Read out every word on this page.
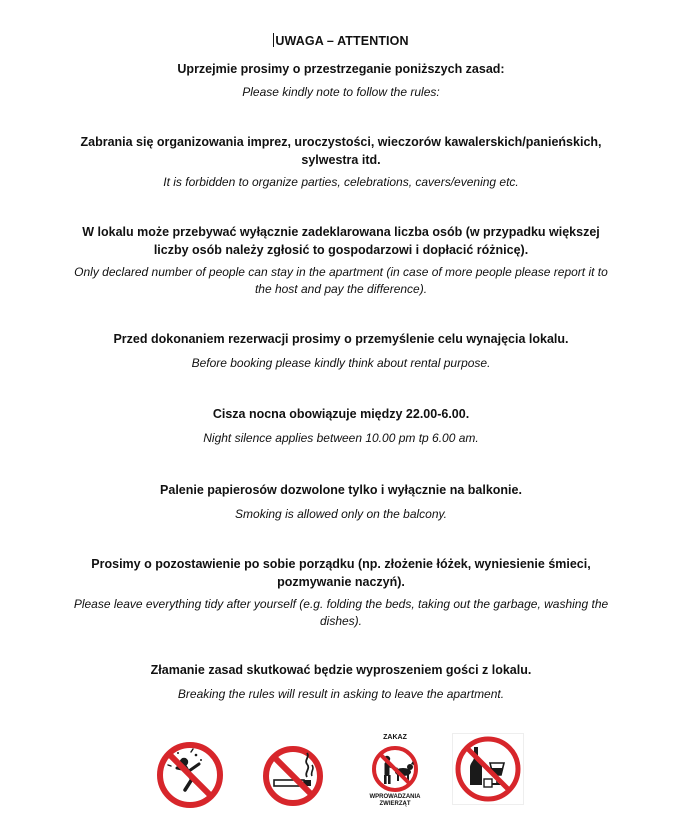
UWAGA – ATTENTION
Uprzejmie prosimy o przestrzeganie poniższych zasad:
Please kindly note to follow the rules:
Zabrania się organizowania imprez, uroczystości, wieczorów kawalerskich/panieńskich, sylwestra itd.
It is forbidden to organize parties, celebrations, cavers/evening etc.
W lokalu może przebywać wyłącznie zadeklarowana liczba osób (w przypadku większej liczby osób należy zgłosić to gospodarzowi i dopłacić różnicę).
Only declared number of people can stay in the apartment (in case of more people please report it to the host and pay the difference).
Przed dokonaniem rezerwacji prosimy o przemyślenie celu wynajęcia lokalu.
Before booking please kindly think about rental purpose.
Cisza nocna obowiązuje między 22.00-6.00.
Night silence applies between 10.00 pm tp 6.00 am.
Palenie papierosów dozwolone tylko i wyłącznie na balkonie.
Smoking is allowed only on the balcony.
Prosimy o pozostawienie po sobie porządku (np. złożenie łóżek, wyniesienie śmieci, pozmywanie naczyń).
Please leave everything tidy after yourself (e.g. folding the beds, taking out the garbage, washing the dishes).
Złamanie zasad skutkować będzie wyproszeniem gości z lokalu.
Breaking the rules will result in asking to leave the apartment.
ZAKAZ
WPROWADZANIA
ZWIERZĄT
